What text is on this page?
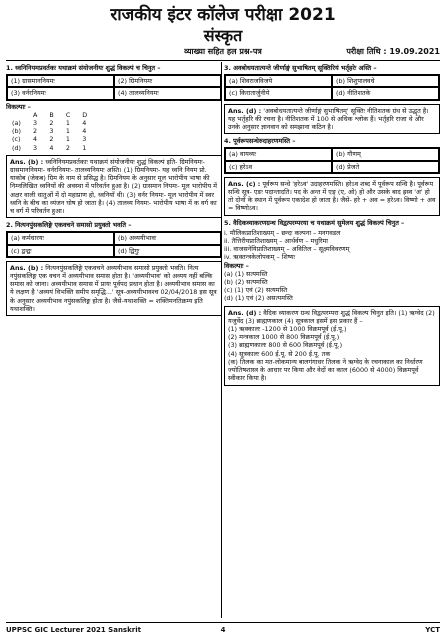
राजकीय इंटर कॉलेज परीक्षा 2021
संस्कृत
व्याख्या सहित हल प्रश्न-पत्र	परीक्षा तिथि : 19.09.2021
1. ध्वनिनियमप्रवर्तकः यथाक्रमं संयोजनीयः शुद्धं विकल्पं च चिनुत –
(1) ग्रासमाननियमः	(2) ग्रिमनियमः
(3) वर्नरनियमः	(4) तालव्यनियमः
विकल्पाः –
	A	B	C	D
(a)	3	2	1	4
(b)	2	3	1	4
(c)	4	2	1	3
(d)	3	4	2	1
Ans. (b) : ध्वनिनियमप्रवर्तकाः यथाक्रमं संयोजनीयः शुद्धं विकल्पं इति- ग्रिमनियमः- ग्रासमाननियमः- वर्नरनियमः- तालव्यनियमः अस्ति। (1) ग्रिमनियमः- यह ध्वनि नियम प्रो. याकोब (जेकब) ग्रिम के नाम से प्रसिद्ध है। ग्रिमनियम के अनुसार मूल भारोपीय भाषा की निम्नलिखित ध्वनियों की अवस्था में परिवर्तन हुआ है। (2) ग्रासमान नियमः- मूल भारोपीय में अक्षर वाली धातुओं में दो महाप्राण हो, ध्वनियाँ थी। (3) वर्नर नियमः- मूल भारोपीय में स्वर ध्वनि के बीच का व्यंजन घोष हो जाता है। (4) तालव्य नियमः- भारोपीय भाषा में क वर्ग का च वर्ग में परिवर्तन हुआ।
2. नित्यनपुंसकलिङ्गे एकवचने समासो प्रयुक्तो भवति –
(a) कर्मधारयः	(b) अव्ययीभावः
(c) द्वन्द्वः	(d) द्विगुः
Ans. (b) : नित्यनपुंसकलिङ्गे एकवचने अव्ययीभाव समासो प्रयुक्तो भवति। नित्य नपुंसकलिङ्ग एक वचन में अव्ययीभाव समास होता है। 'अव्ययीभाव' को अव्यय नहीं बल्कि समास को जाना। अव्ययीभाव समास में प्रायः पूर्वपद प्रधान होता है। अव्ययीभाव समास का ये लक्षण है 'अव्ययं विभक्ति समीप समृद्धि...' सूत्र-अव्ययीभावश्च 02/04/2018 इस सूत्र के अनुसार अव्ययीभाव नपुंसकलिङ्ग होता है। जैसे-यथाशक्ति = शक्तिमनतिक्रम्य इति यथाशक्ति।
3. अवबोधयतात्यन्ते जीर्णाङ्गं सुभाषितम् सूक्तिरियं भर्तृहरेः अस्ति –
(a) शिवराजविजये	(b) शिशुपालवधे
(c) किरातार्जुनीये	(d) नीतिशतके
Ans. (d) : 'अवबोधयतात्यन्ते जीर्णाङ्गं सुभाषितम्' सूक्तिः नीतिशतक ग्रंथ से उद्धृत है। यह भर्तृहरि की रचना है। नीतिशतक में 100 से अधिक श्लोक हैं। भर्तृहरि राजा थे और उनके अनुसार ज्ञानवान को समझाना कठिन है।
4. पूर्वरूपसन्धेरुदाहरणमस्ति –
(a) वायव्यः	(b) गौणम्
(c) हरेऽव	(d) प्रेजते
Ans. (c) : पूर्वरूप सन्धे 'हरेऽव' उदाहरणमस्ति। हरेऽव शब्द में पूर्वरूप सन्धि है। पूर्वरूप सन्धि सूत्र- एङः पदान्तादति। पद के अन्त में एङ् (ए, ओ) हो और उसके बाद ह्रस्व 'अ' हो तो दोनों के स्थान में पूर्वरूप एकादेश हो जाता है। जैसे- हरे + अव = हरेऽव। विष्णो + अव = विष्णोऽव।
5. वैदिकव्याकरणग्रन्थ विद्वत्परम्परया च यथाक्रमं सुमेलय शुद्धं विकल्पं चिनुत –
i. मौलिकप्रातिशाख्यम् – छन्दः कल्पना – मनगवडल
ii. तैत्तिरीयप्रातिशाख्यम् – आर्थर्वण – मधुरिमा
iii. वाजसनेयिप्रातिशाख्यम् – अवितिल – सूक्ष्मविवरणम्
iv. ऋक्तन्त्रकेलोपकम् – शिष्यः
विकल्पाः –
(a) (1) सत्यमस्ति
(b) (2) सत्यमस्ति
(c) (1) एवं (2) सत्यमस्ति
(d) (1) एवं (2) असत्यमस्ति
Ans. (d) : वैदिक व्याकरण ग्रन्थ विद्वत्परम्परा शुद्धं विकल्प चिनुत इति। (1) ऋग्वेद (2) यजुर्वेद (3) ब्राह्मणकाल (4) सूत्रकाल इसमें इस प्रकार हैं –
(1) ऋक्कालः -1200 से 1000 विक्रमपूर्व (ई.पू.)
(2) मन्त्रकाल 1000 से 800 विक्रमपूर्व (ई.पू.)
(3) ब्राह्मणकालः 800 से 600 विक्रमपूर्व (ई.पू.)
(4) सूत्रकालः 600 ई.पू. से 200 ई.पू. तक
(क) तिलक का मत-लोकमान्य बालगंगाधर तिलक ने ऋग्वेद के रचनाकाल का निर्धारण ज्योतिषशास्त्र के आधार पर किया और वेदों का काल (6000 से 4000) विक्रमपूर्व स्वीकार किया है।
UPPSC GIC Lecturer 2021 Sanskrit	4	YCT
